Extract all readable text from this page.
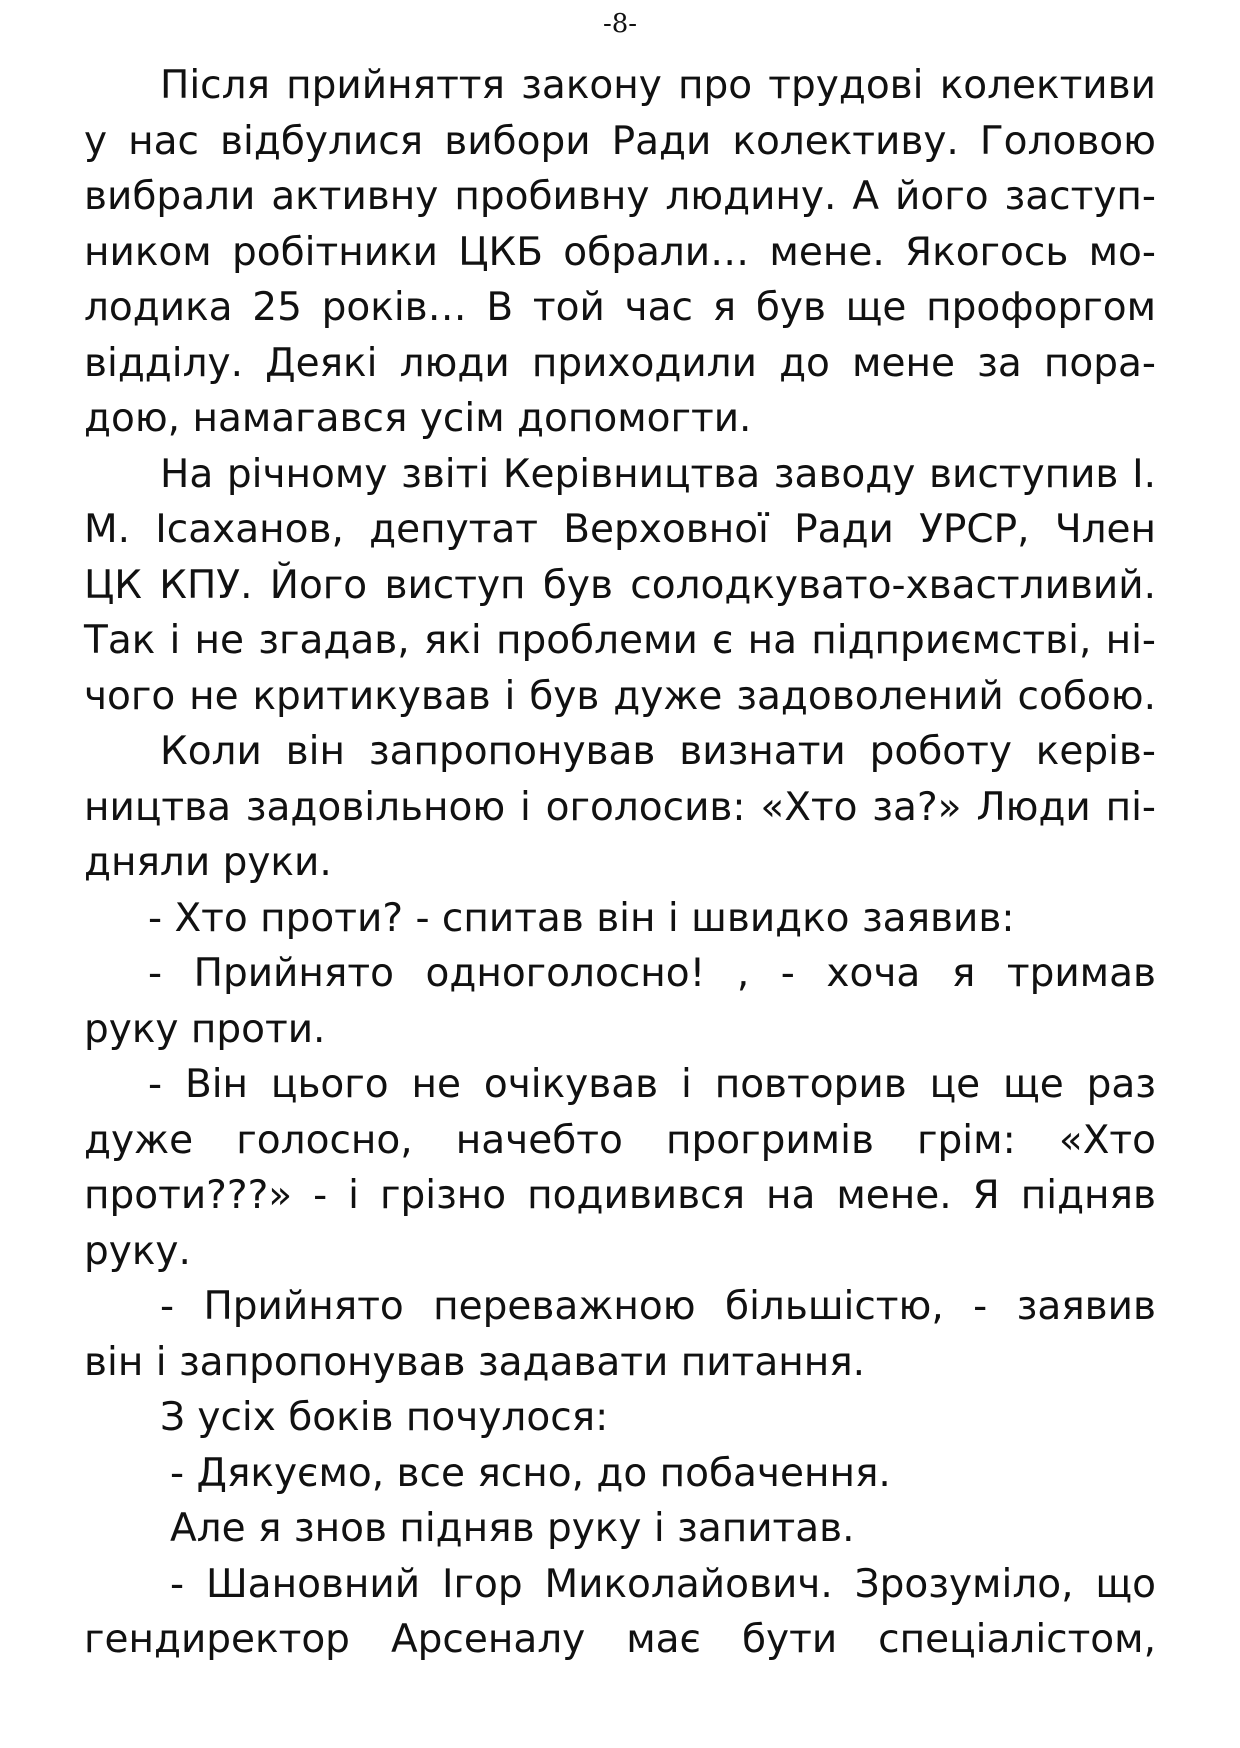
-8-
Після прийняття закону про трудові колективи
у нас відбулися вибори Ради колективу. Головою
вибрали активну пробивну людину. А його заступ-
ником робітники ЦКБ обрали… мене. Якогось мо-
лодика 25 років… В той час я був ще профоргом
відділу. Деякі люди приходили до мене за пора-
дою, намагався усім допомогти.
На річному звіті Керівництва заводу виступив І.
М. Ісаханов, депутат Верховної Ради УРСР, Член
ЦК КПУ. Його виступ був солодкувато-хвастливий.
Так і не згадав, які проблеми є на підприємстві, ні-
чого не критикував і був дуже задоволений собою.
Коли він запропонував визнати роботу керів-
ництва задовільною і оголосив: «Хто за?» Люди пі-
дняли руки.
- Хто проти? - спитав він і швидко заявив:
- Прийнято одноголосно! , - хоча я тримав
руку проти.
- Він цього не очікував і повторив це ще раз
дуже голосно, начебто прогримів грім: «Хто
проти???» - і грізно подивився на мене. Я підняв
руку.
- Прийнято переважною більшістю, - заявив
він і запропонував задавати питання.
З усіх боків почулося:
- Дякуємо, все ясно, до побачення.
Але я знов підняв руку і запитав.
- Шановний Ігор Миколайович. Зрозуміло, що
гендиректор Арсеналу має бути спеціалістом,
